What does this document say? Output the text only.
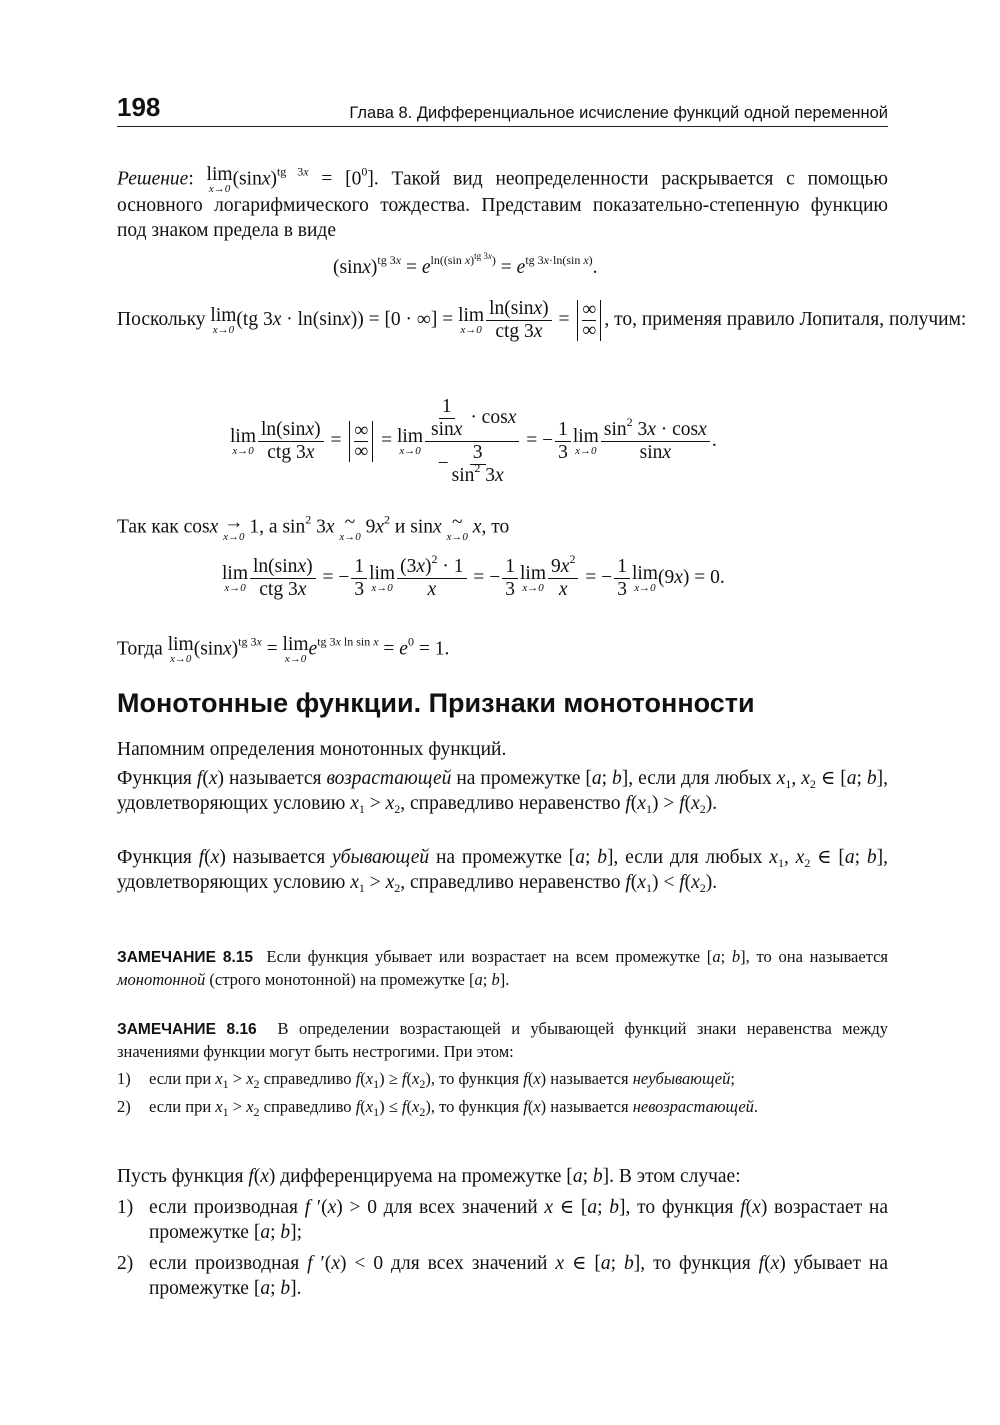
198	Глава 8. Дифференциальное исчисление функций одной переменной
Решение: lim
x→0 $(\sin x)^{tg 3x} = [0^0]$. Такой вид неопределенности раскрывается с помощью основного логарифмического тождества. Представим показательно-степенную функцию под знаком предела в виде
$(\sin x)^{tg 3x} = e^{ln((sin x)^{tg 3x})} = e^{tg 3x\cdot ln(sin x)}$.
Поскольку lim
x→0 (tg 3x · ln(sinx)) = [0 · ∞] = lim
$x\to 0 \frac{\ln(\sin x)}{\text{ctg 3x}}$ = ∞
∞
, то, применяя правило Лопиталя, получим:
lim
$x\to 0 \frac{\ln(\sin x)}{\text{ctg 3x}}$ = ∞
∞
= lim
$x\to 0 \frac{\frac{1}{\sin x} \cdot \cos x}{- \frac{3}{\sin^2 3x}}$ = − $\frac{1}{3}$ lim
$x\to 0 \frac{\sin^2 3x \cdot \cos x}{\sin x}$ .
Так как cosx →
x→0 1, a $\sin^2 3x$ ~
x→0 $9x^2$ и sinx ~
x→0 x, то
lim
$x\to 0 \frac{\ln(\sin x)}{\text{ctg 3x}}$ = − $\frac{1}{3}$ lim
$x\to 0 \frac{(3x)^2 \cdot 1}{x}$ = − $\frac{1}{3}$ lim
$x\to 0 \frac{9x^2}{x}$ = − $\frac{1}{3}$ lim
x→0 (9x) = 0.
Тогда lim
x→0 $(\sin x)^{tg 3x} = \lim$
x→0 $e^{tg 3x ln sin x} = e^0 = 1$.
Монотонные функции. Признаки монотонности
Напомним определения монотонных функций.
Функция f(x) называется возрастающей на промежутке [a; b], если для любых $x_1$, $x_2$ ∈ [a; b], удовлетворяющих условию $x_1 > x_2$, справедливо неравенство $f(x_1) > f(x_2)$.
Функция f(x) называется убывающей на промежутке [a; b], если для любых $x_1$, $x_2$ ∈ [a; b], удовлетворяющих условию $x_1 > x_2$, справедливо неравенство $f(x_1) < f(x_2)$.
ЗАМЕЧАНИЕ 8.15  Если функция убывает или возрастает на всем промежутке [a; b], то она называется монотонной (строго монотонной) на промежутке [a; b].
ЗАМЕЧАНИЕ 8.16 В определении возрастающей и убывающей функций знаки неравенства между значениями функции могут быть нестрогими. При этом:
1) если при $x_1 > x_2$ справедливо $f(x_1) \ge f(x_2)$, то функция f(x) называется неубывающей;
2) если при $x_1 > x_2$ справедливо $f(x_1) \le f(x_2)$, то функция f(x) называется невозрастающей.
Пусть функция f(x) дифференцируема на промежутке [a; b]. В этом случае:
1) если производная f ′(x) > 0 для всех значений x ∈ [a; b], то функция f(x) возрастает на промежутке [a; b];
2) если производная f ′(x) < 0 для всех значений x ∈ [a; b], то функция f(x) убывает на промежутке [a; b].
